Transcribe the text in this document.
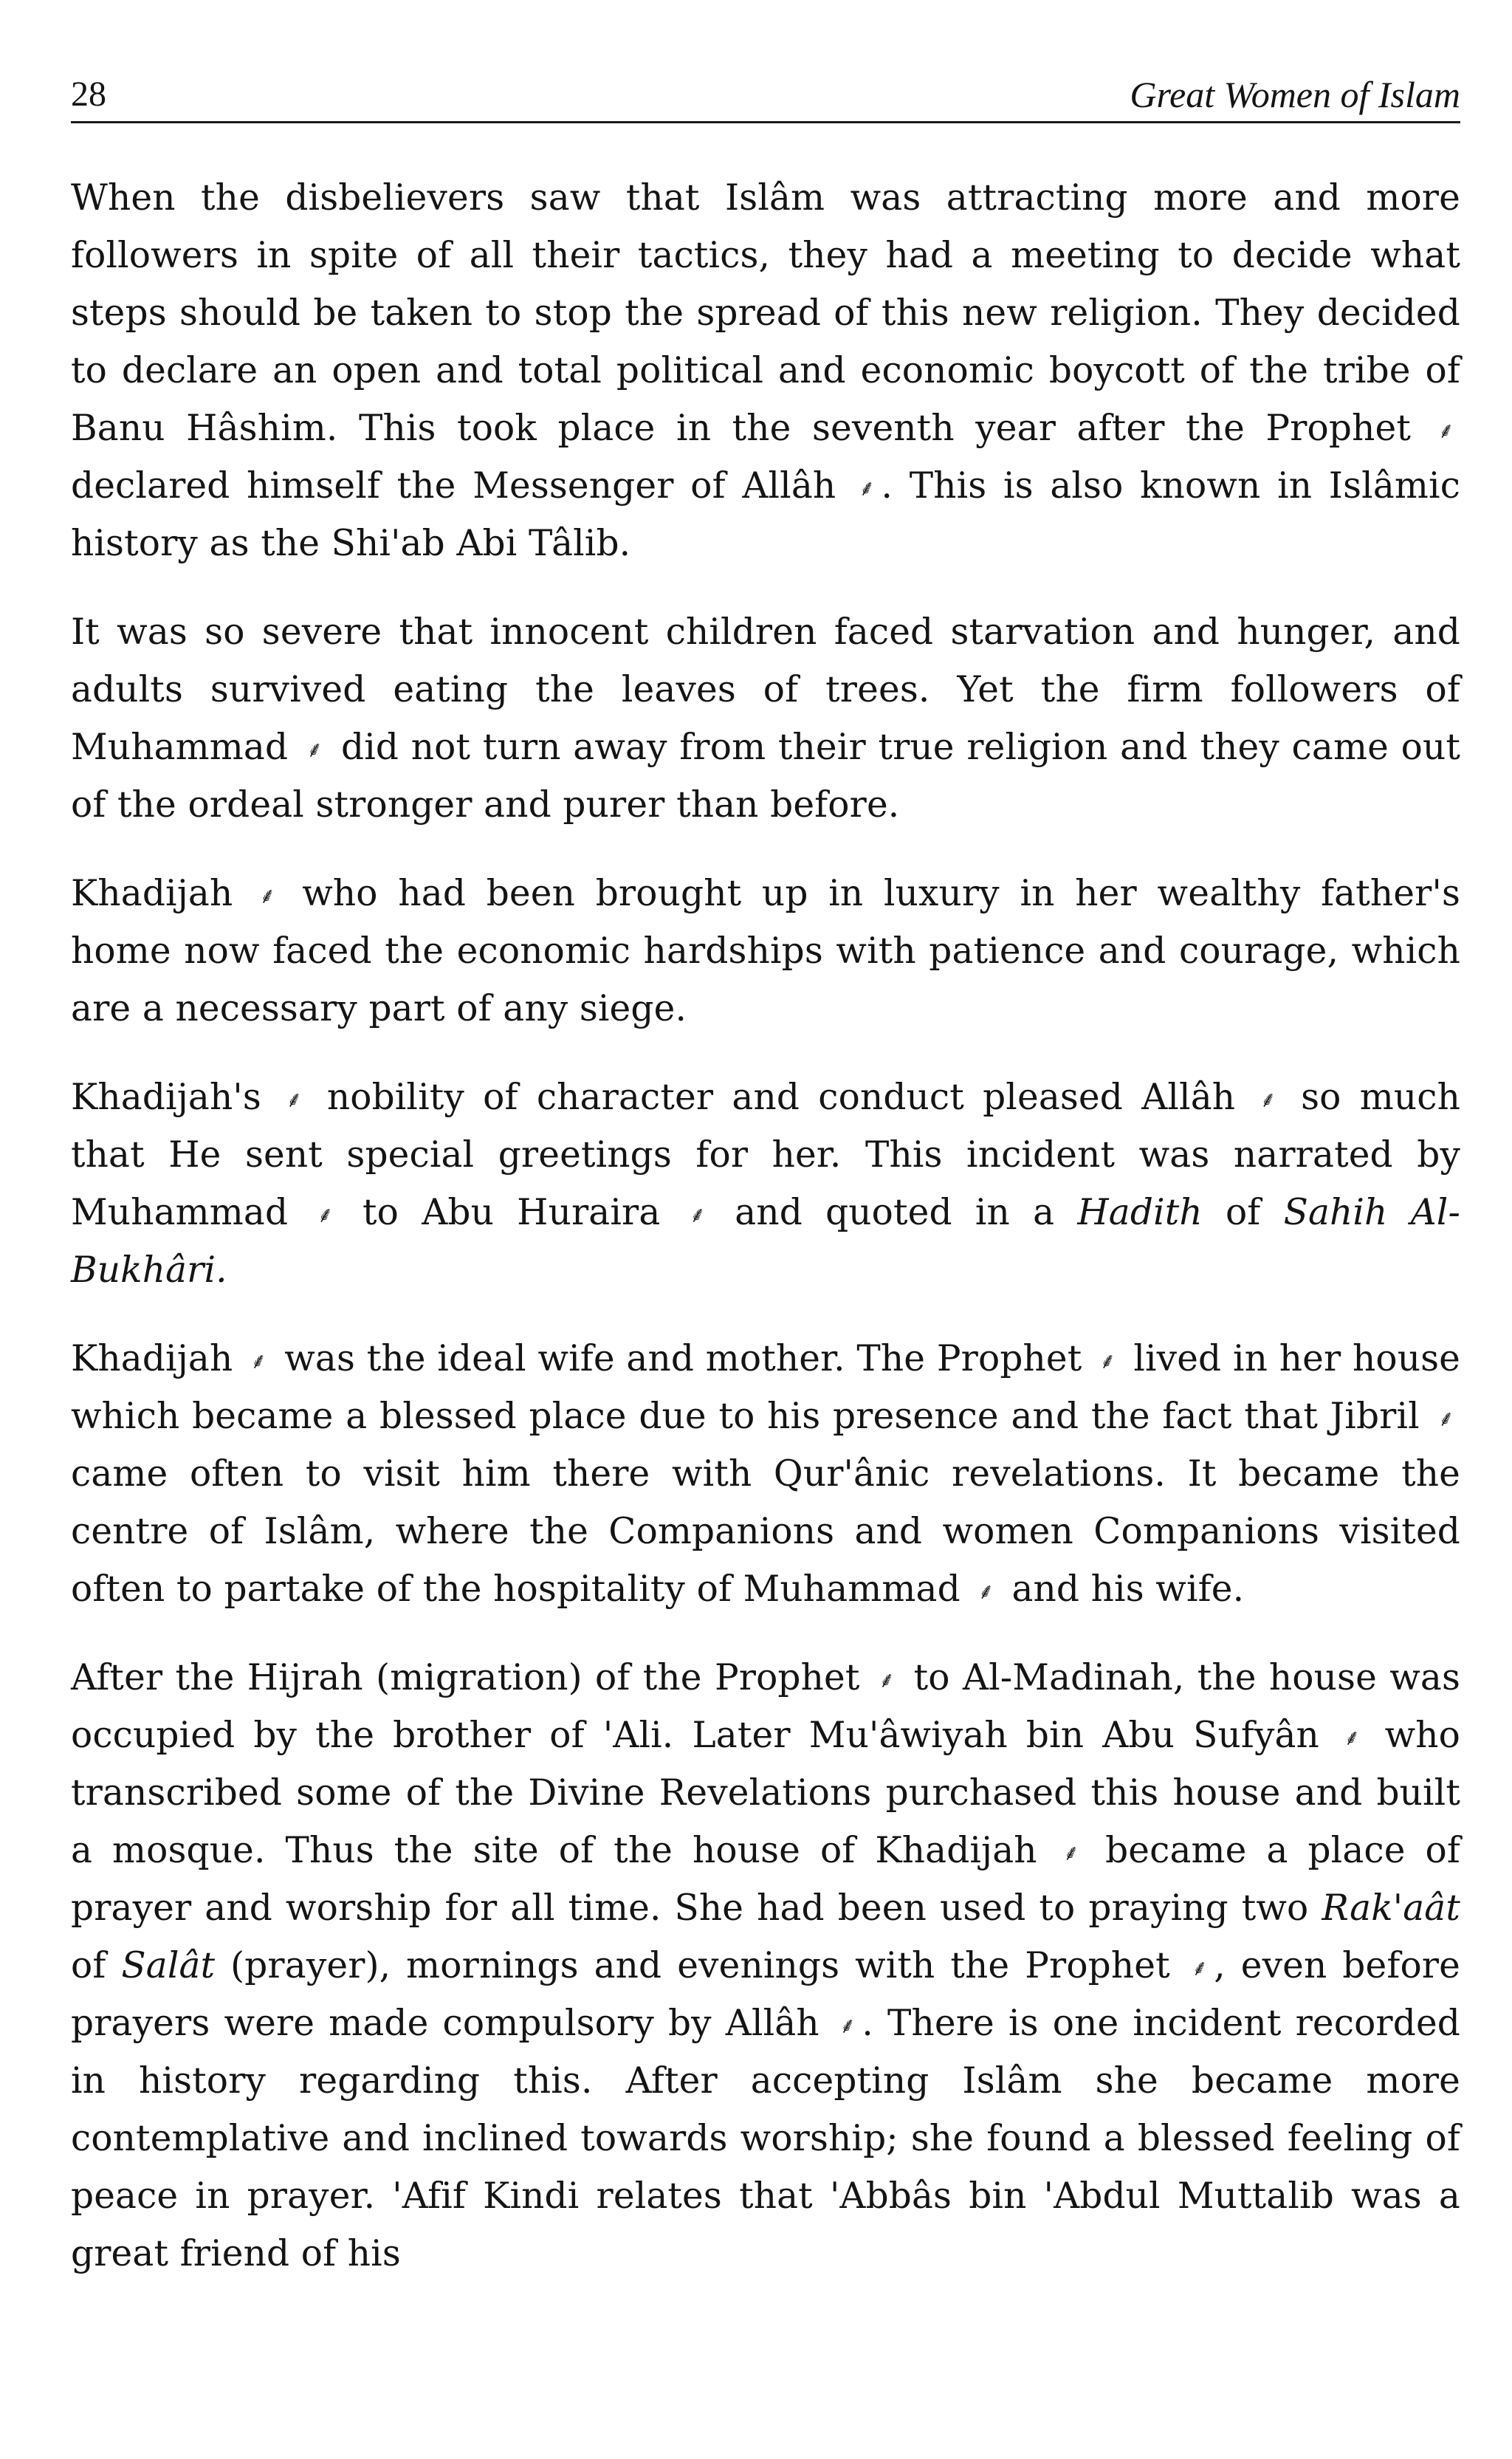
28	Great Women of Islam

When the disbelievers saw that Islâm was attracting more and more followers in spite of all their tactics, they had a meeting to decide what steps should be taken to stop the spread of this new religion. They decided to declare an open and total political and economic boycott of the tribe of Banu Hâshim. This took place in the seventh year after the Prophet ⸙ declared himself the Messenger of Allâh ⸙ . This is also known in Islâmic history as the Shi'ab Abi Tâlib.

It was so severe that innocent children faced starvation and hunger, and adults survived eating the leaves of trees. Yet the firm followers of Muhammad ⸙ did not turn away from their true religion and they came out of the ordeal stronger and purer than before.

Khadijah ⸙ who had been brought up in luxury in her wealthy father's home now faced the economic hardships with patience and courage, which are a necessary part of any siege.

Khadijah's ⸙ nobility of character and conduct pleased Allâh ⸙ so much that He sent special greetings for her. This incident was narrated by Muhammad ⸙ to Abu Huraira ⸙ and quoted in a Hadith of Sahih Al-Bukhâri.

Khadijah ⸙ was the ideal wife and mother. The Prophet ⸙ lived in her house which became a blessed place due to his presence and the fact that Jibril ⸙ came often to visit him there with Qur'ânic revelations. It became the centre of Islâm, where the Companions and women Companions visited often to partake of the hospitality of Muhammad ⸙ and his wife.

After the Hijrah (migration) of the Prophet ⸙ to Al-Madinah, the house was occupied by the brother of 'Ali. Later Mu'âwiyah bin Abu Sufyân ⸙ who transcribed some of the Divine Revelations purchased this house and built a mosque. Thus the site of the house of Khadijah ⸙ became a place of prayer and worship for all time. She had been used to praying two Rak'aât of Salât (prayer), mornings and evenings with the Prophet ⸙ , even before prayers were made compulsory by Allâh ⸙ . There is one incident recorded in history regarding this. After accepting Islâm she became more contemplative and inclined towards worship; she found a blessed feeling of peace in prayer. 'Afif Kindi relates that 'Abbâs bin 'Abdul Muttalib was a great friend of his
